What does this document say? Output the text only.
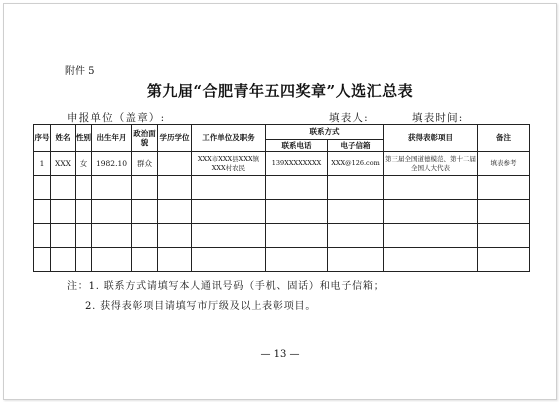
附件 5
第九届“合肥青年五四奖章”人选汇总表
申报单位（盖章）:	填表人:	填表时间:
序号	姓名	性别	出生年月	政治面貌	学历学位	工作单位及职务	联系方式		获得表彰项目	备注
							联系电话	电子信箱		
1	XXX	女	1982.10	群众		XXX市XXX县XXX镇 XXX村农民	139XXXXXXXX	XXX@126.com	第三届全国道德模范、第十二届全国人大代表	填表参考

注：1. 联系方式请填写本人通讯号码（手机、固话）和电子信箱；
2. 获得表彰项目请填写市厅级及以上表彰项目。
— 13 —
